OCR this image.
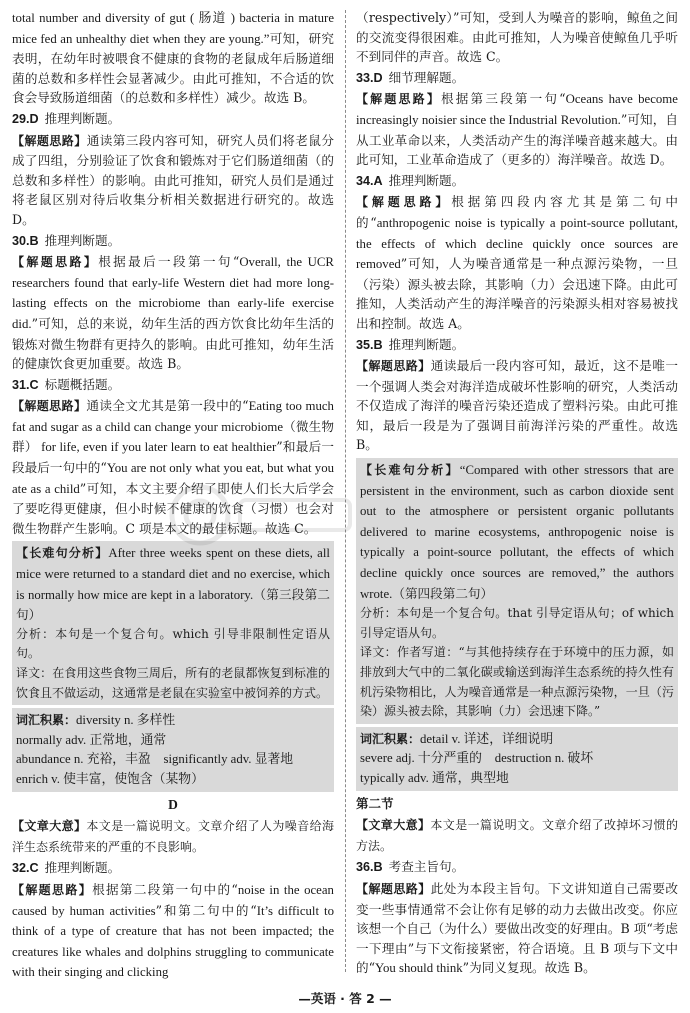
total number and diversity of gut ( 肠道 ) bacteria in mature mice fed an unhealthy diet when they are young.”可知，研究表明，在幼年时被喂食不健康的食物的老鼠成年后肠道细菌的总数和多样性会显著减少。由此可推知，不合适的饮食会导致肠道细菌（的总数和多样性）减少。故选 B。

29.D 推理判断题。

【解题思路】通读第三段内容可知，研究人员们将老鼠分成了四组，分别验证了饮食和锻炼对于它们肠道细菌（的总数和多样性）的影响。由此可推知，研究人员们是通过将老鼠区别对待后收集分析相关数据进行研究的。故选 D。

30.B 推理判断题。

【解题思路】根据最后一段第一句“Overall, the UCR researchers found that early-life Western diet had more long-lasting effects on the microbiome than early-life exercise did.”可知，总的来说，幼年生活的西方饮食比幼年生活的锻炼对微生物群有更持久的影响。由此可推知，幼年生活的健康饮食更加重要。故选 B。

31.C 标题概括题。

【解题思路】通读全文尤其是第一段中的“Eating too much fat and sugar as a child can change your microbiome（微生物群） for life, even if you later learn to eat healthier”和最后一段最后一句中的“You are not only what you eat, but what you ate as a child”可知，本文主要介绍了即使人们长大后学会了要吃得更健康，但小时候不健康的饮食（习惯）也会对微生物群产生影响。C 项是本文的最佳标题。故选 C。

【长难句分析】After three weeks spent on these diets, all mice were returned to a standard diet and no exercise, which is normally how mice are kept in a laboratory.（第三段第二句）

分析：本句是一个复合句。which 引导非限制性定语从句。

译文：在食用这些食物三周后，所有的老鼠都恢复到标准的饮食且不做运动，这通常是老鼠在实验室中被饲养的方式。

词汇积累：diversity n. 多样性
normally adv. 正常地，通常
abundance n. 充裕，丰盈　significantly adv. 显著地
enrich v. 使丰富，使饱含（某物）
D

【文章大意】本文是一篇说明文。文章介绍了人为噪音给海洋生态系统带来的严重的不良影响。

32.C 推理判断题。

【解题思路】根据第二段第一句中的“noise in the ocean caused by human activities”和第二句中的“It’s difficult to think of a type of creature that has not been impacted; the creatures like whales and dolphins struggling to communicate with their singing and clicking

（respectively）”可知，受到人为噪音的影响，鲸鱼之间的交流变得很困难。由此可推知，人为噪音使鲸鱼几乎听不到同伴的声音。故选 C。

33.D 细节理解题。

【解题思路】根据第三段第一句“Oceans have become increasingly noisier since the Industrial Revolution.”可知，自从工业革命以来，人类活动产生的海洋噪音越来越大。由此可知，工业革命造成了（更多的）海洋噪音。故选 D。

34.A 推理判断题。

【解题思路】根据第四段内容尤其是第二句中的“anthropogenic noise is typically a point-source pollutant, the effects of which decline quickly once sources are removed”可知，人为噪音通常是一种点源污染物，一旦（污染）源头被去除，其影响（力）会迅速下降。由此可推知，人类活动产生的海洋噪音的污染源头相对容易被找出和控制。故选 A。

35.B 推理判断题。

【解题思路】通读最后一段内容可知，最近，这不是唯一一个强调人类会对海洋造成破坏性影响的研究，人类活动不仅造成了海洋的噪音污染还造成了塑料污染。由此可推知，最后一段是为了强调目前海洋污染的严重性。故选 B。

【长难句分析】“Compared with other stressors that are persistent in the environment, such as carbon dioxide sent out to the atmosphere or persistent organic pollutants delivered to marine ecosystems, anthropogenic noise is typically a point-source pollutant, the effects of which decline quickly once sources are removed,” the authors wrote.（第四段第二句）

分析：本句是一个复合句。that 引导定语从句；of which 引导定语从句。

译文：作者写道：“与其他持续存在于环境中的压力源，如排放到大气中的二氧化碳或输送到海洋生态系统的持久性有机污染物相比，人为噪音通常是一种点源污染物，一旦（污染）源头被去除，其影响（力）会迅速下降。”

词汇积累：detail v. 详述，详细说明
severe adj. 十分严重的　destruction n. 破坏
typically adv. 通常，典型地
第二节

【文章大意】本文是一篇说明文。文章介绍了改掉坏习惯的方法。

36.B 考查主旨句。

【解题思路】此处为本段主旨句。下文讲知道自己需要改变一些事情通常不会让你有足够的动力去做出改变。你应该想一个自己（为什么）要做出改变的好理由。B 项“考虑一下理由”与下文衔接紧密，符合语境。且 B 项与下文中的“You should think”为同义复现。故选 B。

—英语 · 答 2 —
